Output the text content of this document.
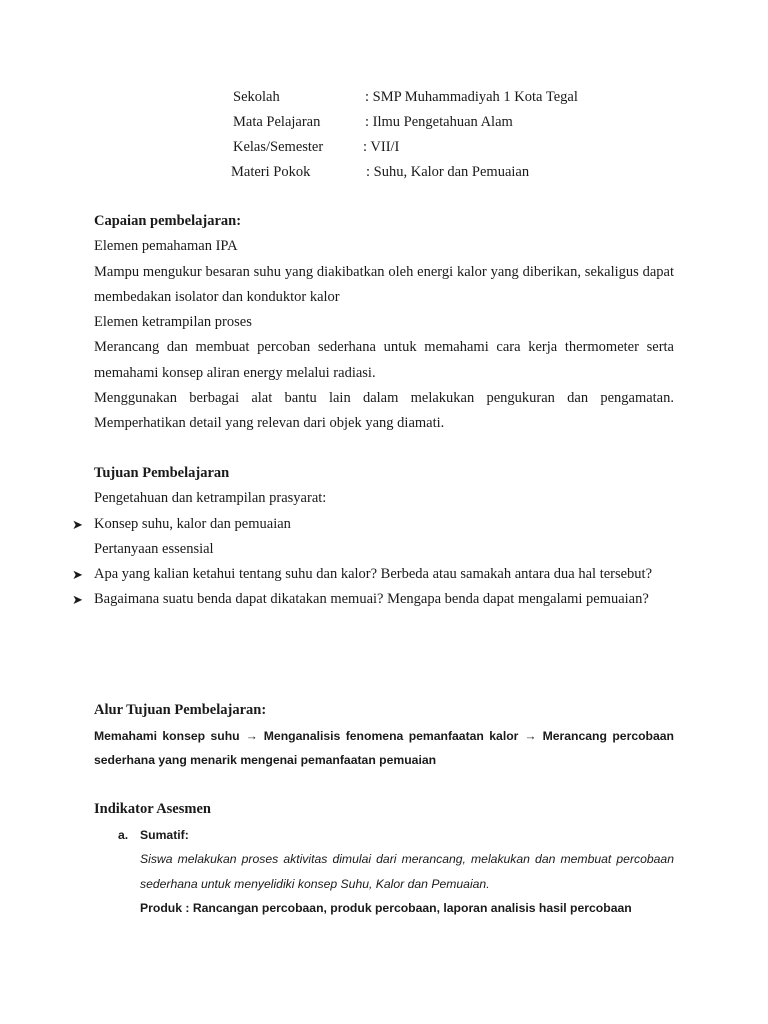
Sekolah	: SMP Muhammadiyah 1 Kota Tegal
Mata Pelajaran	: Ilmu Pengetahuan Alam
Kelas/Semester	: VII/I
Materi Pokok	: Suhu, Kalor dan Pemuaian

Capaian pembelajaran:

Elemen pemahaman IPA

Mampu mengukur besaran suhu yang diakibatkan oleh energi kalor yang diberikan, sekaligus dapat membedakan isolator dan konduktor kalor

Elemen ketrampilan proses

Merancang dan membuat percoban sederhana untuk memahami cara kerja thermometer serta memahami konsep aliran energy melalui radiasi.

Menggunakan berbagai alat bantu lain dalam melakukan pengukuran dan pengamatan. Memperhatikan detail yang relevan dari objek yang diamati.

Tujuan Pembelajaran

Pengetahuan dan ketrampilan prasyarat:

➤ Konsep suhu, kalor dan pemuaian

Pertanyaan essensial

➤ Apa yang kalian ketahui tentang suhu dan kalor? Berbeda atau samakah antara dua hal tersebut?

➤ Bagaimana suatu benda dapat dikatakan memuai? Mengapa benda dapat mengalami pemuaian?

Alur Tujuan Pembelajaran:

Memahami konsep suhu → Menganalisis fenomena pemanfaatan kalor → Merancang percobaan sederhana yang menarik mengenai pemanfaatan pemuaian

Indikator Asesmen
a. Sumatif:

Siswa melakukan proses aktivitas dimulai dari merancang, melakukan dan membuat percobaan sederhana untuk menyelidiki konsep Suhu, Kalor dan Pemuaian.

Produk : Rancangan percobaan, produk percobaan, laporan analisis hasil percobaan
